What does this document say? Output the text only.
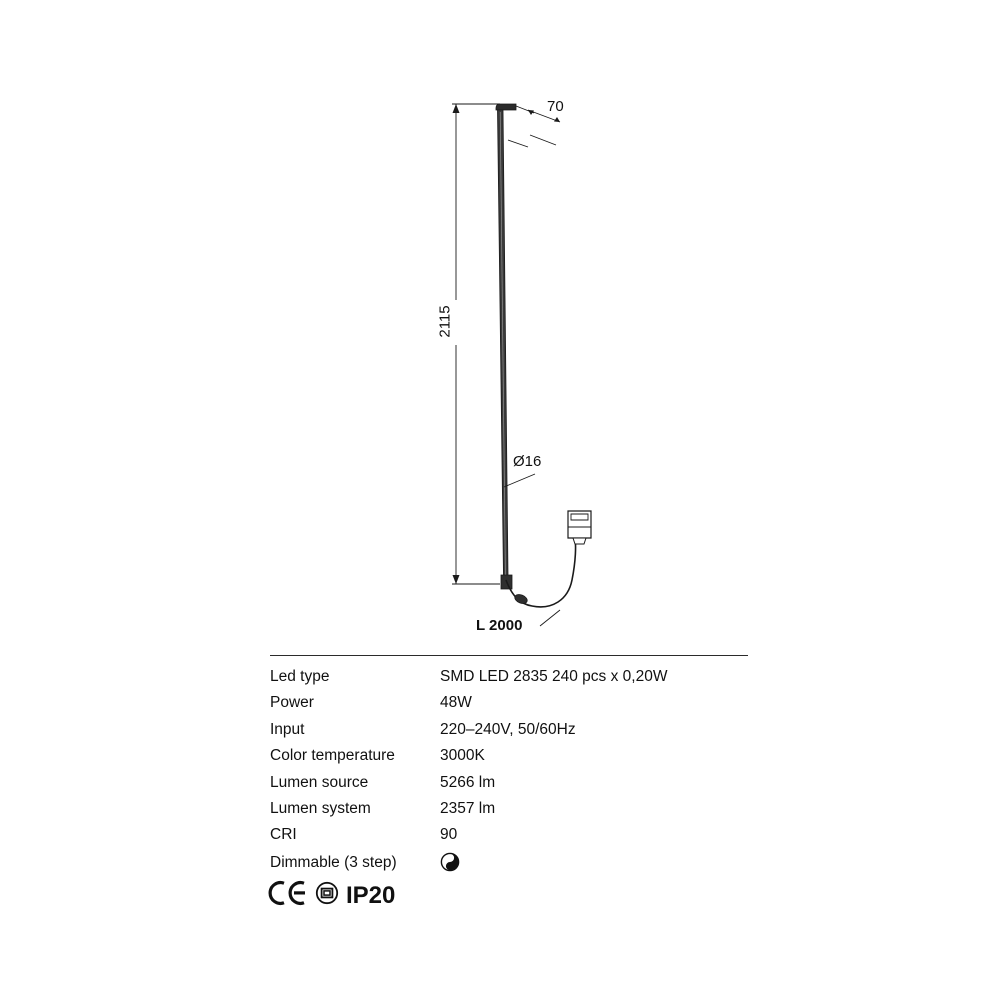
70
2115
Ø16
L 2000
Led type	SMD LED 2835 240 pcs x 0,20W
Power	48W
Input	220–240V, 50/60Hz
Color temperature	3000K
Lumen source	5266 lm
Lumen system	2357 lm
CRI	90
Dimmable (3 step)	
IP20
